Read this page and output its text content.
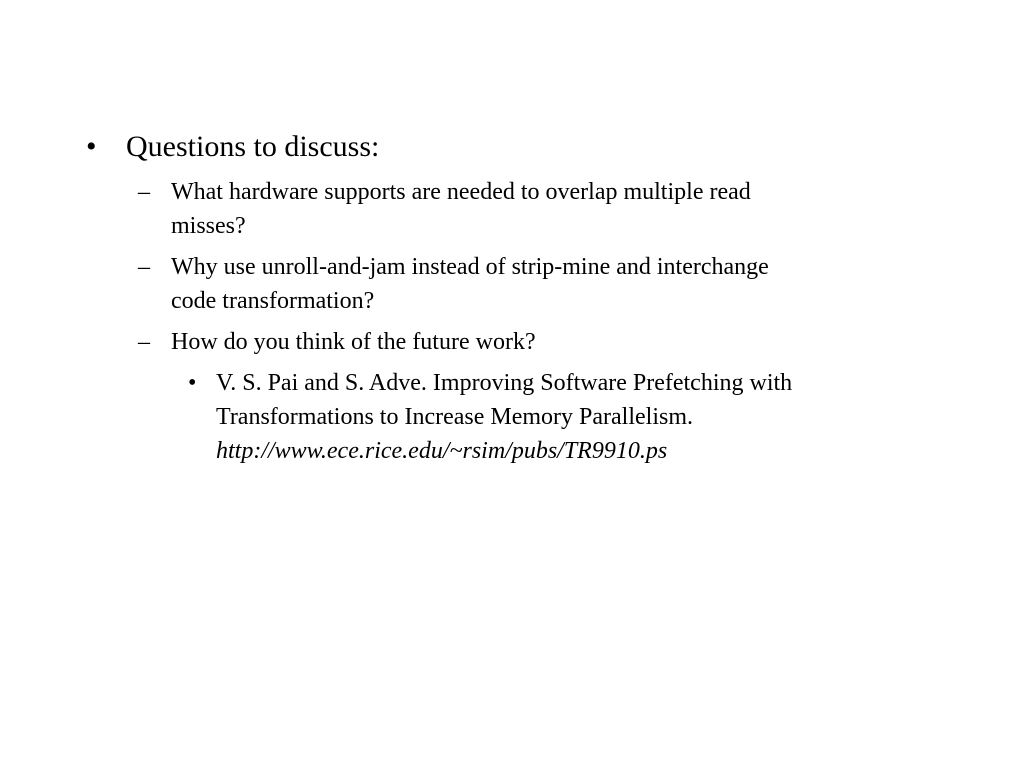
• Questions to discuss:
– What hardware supports are needed to overlap multiple read
misses?
– Why use unroll-and-jam instead of strip-mine and interchange
code transformation?
– How do you think of the future work?
• V. S. Pai and S. Adve. Improving Software Prefetching with
Transformations to Increase Memory Parallelism.
http://www.ece.rice.edu/~rsim/pubs/TR9910.ps
